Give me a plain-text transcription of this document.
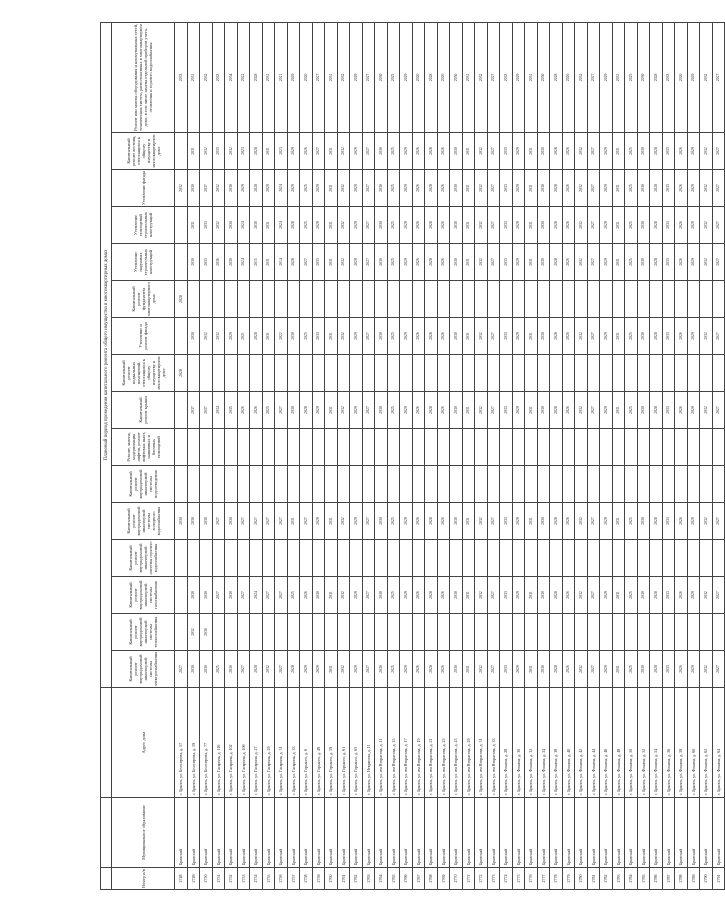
			Плановый период проведения капитального ремонта общего имущества в многоквартирных домах															
Номер п/п	Муниципальное образование	Адрес дома	Капитальный ремонт внутридомовой инженерной системы электроснабжения	Капитальный ремонт внутридомовой инженерной системы теплоснабжения	Капитальный ремонт внутридомовой инженерной системы газоснабжения	Капитальный ремонт внутридомовой инженерной системы горячего водоснабжения	Капитальный ремонт внутридомовой инженерной системы холодного водоснабжения	Капитальный ремонт внутридомовой инженерной системы водоотведения	Ремонт, замена, модернизация лифтов, ремонт лифтовых шахт, машинных и блочных помещений	Капитальный ремонт крыши	Капитальный ремонт подвальных помещений, относящихся к общему имуществу в многоквартирном доме	Утепление и ремонт фасада	Капитальный ремонт фундамента многоквартирного дома	Утепление наружных строительных конструкций	Утепление помещений строительных конструкций	Утепление фасада	Капитальный ремонт лестниц, относящихся к общему имуществу в многоквартирном доме	Ремонт или замена оборудования и коммунальных сетей, технических систем, расположенных в многоквартирном доме, в том числе замена отдельной приборов учета, отопления и горячего водоснабжения
2748	Брянский	г. Брянск, ул. Белозерова, д. 57	2027				2030				2028		2028			2032		2033
2749	Брянский	г. Брянск, ул. Белозерова, д. 59	2030	2032	2030		2030			2037		2030		2030	2031	2030	2031	2031
2750	Брянский	г. Брянск, ул. Белозерова, д. 77	2030	2030	2030		2030			2037		2032		2033	2033	2037	2032	2032
2751	Брянский	г. Брянск, ул. Гагарина, д. 116	2025		2027		2027			2034		2032		2036	2032	2032	2033	2033
2752	Брянский	г. Брянск, ул. Гагарина, д. 102	2030		2030		2030			2035		2029		2030	2030	2030	2032	2034
2753	Брянский	г. Брянск, ул. Гагарина, д. 106	2027		2027		2027			2026		2021		2024	2024	2029	2023	2022
2754	Брянский	г. Брянск, ул. Гагарина, д. 27	2028		2024		2027			2026		2028		2015	2030	2028	2028	2028
2755	Брянский	г. Брянск, ул. Гагарина, д. 29	2032		2027		2027			2025		2031		2031	2031	2029	2031	2031
2756	Брянский	г. Брянск, ул. Гагарина, д. 31	2027		2027		2027			2027		2022		2014	2024	2024	2023	2021
2757	Брянский	г. Брянск, ул. Гагарина, д. 33	2028		2025		2031			2030		2030		2028	2028	2029	2029	2029
2758	Брянский	г. Брянск, ул. Горького, д. 6	2029		2026		2027			2028		2025		2027	2025	2025	2026	2026
2759	Брянский	г. Брянск, ул. Горького, д. 49	2029		2030		2029			2029		2033		2033	2029	2029	2027	2027
2760	Брянский	г. Брянск, ул. Горького, д. 59	2031		2031		2031			2031		2031		2031	2031	2031	2031	2031
2761	Брянский	г. Брянск, ул. Горького, д. 61	2032		2032		2032			2032		2032		2032	2032	2032	2032	2032
2762	Брянский	г. Брянск, ул. Горького, д. 63	2029		2029		2029			2029		2029		2029	2029	2029	2029	2029
2763	Брянский	г. Брянск, ул. Некрасова, д. 11	2027		2027		2027			2027		2027		2027	2027	2027	2027	2027
2764	Брянский	г. Брянск, ул. им Некрасова, д. 11	2030		2030		2030			2030		2030		2030	2030	2030	2030	2030
2765	Брянский	г. Брянск, ул. им Некрасова, д. 15	2025		2025		2025			2025		2025		2025	2025	2025	2025	2025
2766	Брянский	г. Брянск, ул. им Некрасова, д. 17	2029		2029		2029			2029		2029		2029	2029	2029	2029	2029
2767	Брянский	г. Брянск, ул. им Некрасова, д. 19	2026		2026		2026			2026		2026		2026	2026	2026	2026	2026
2768	Брянский	г. Брянск, ул. им Некрасова, д. 21	2028		2028		2028			2028		2028		2028	2028	2028	2028	2028
2769	Брянский	г. Брянск, ул. им Некрасова, д. 23	2026		2026		2026			2026		2026		2026	2026	2026	2026	2026
2770	Брянский	г. Брянск, ул. им Некрасова, д. 25	2030		2030		2030			2030		2030		2030	2030	2030	2030	2030
2771	Брянский	г. Брянск, ул. им Некрасова, д. 29	2031		2031		2031			2031		2031		2031	2031	2031	2031	2031
2772	Брянский	г. Брянск, ул. им Некрасова, д. 31	2032		2032		2032			2032		2032		2032	2032	2032	2032	2032
2773	Брянский	г. Брянск, ул. им Некрасова, д. 33	2027		2027		2027			2027		2027		2027	2027	2027	2027	2027
2774	Брянский	г. Брянск, ул. Фокина, д. 28	2033		2033		2033			2033		2033		2033	2033	2033	2033	2033
2775	Брянский	г. Брянск, ул. Фокина, д. 30	2029		2029		2029			2029		2029		2029	2029	2029	2029	2029
2776	Брянский	г. Брянск, ул. Фокина, д. 32	2031		2031		2031			2031		2031		2031	2031	2031	2031	2031
2777	Брянский	г. Брянск, ул. Фокина, д. 34	2030		2030		2030			2030		2030		2030	2030	2030	2030	2030
2778	Брянский	г. Брянск, ул. Фокина, д. 38	2028		2028		2028			2028		2028		2028	2028	2028	2028	2028
2779	Брянский	г. Брянск, ул. Фокина, д. 40	2026		2026		2026			2026		2026		2026	2026	2026	2026	2026
2780	Брянский	г. Брянск, ул. Фокина, д. 42	2032		2032		2032			2032		2032		2032	2032	2032	2032	2032
2781	Брянский	г. Брянск, ул. Фокина, д. 44	2027		2027		2027			2027		2027		2027	2027	2027	2027	2027
2782	Брянский	г. Брянск, ул. Фокина, д. 46	2029		2029		2029			2029		2029		2029	2029	2029	2029	2029
2783	Брянский	г. Брянск, ул. Фокина, д. 48	2031		2031		2031			2031		2031		2031	2031	2031	2031	2031
2784	Брянский	г. Брянск, ул. Фокина, д. 50	2025		2025		2025			2025		2025		2025	2025	2025	2025	2025
2785	Брянский	г. Брянск, ул. Фокина, д. 52	2030		2030		2030			2030		2030		2030	2030	2030	2030	2030
2786	Брянский	г. Брянск, ул. Фокина, д. 54	2028		2028		2028			2028		2028		2028	2028	2028	2028	2028
2787	Брянский	г. Брянск, ул. Фокина, д. 56	2033		2033		2033			2033		2033		2033	2033	2033	2033	2033
2788	Брянский	г. Брянск, ул. Фокина, д. 58	2026		2026		2026			2026		2026		2026	2026	2026	2026	2026
2789	Брянский	г. Брянск, ул. Фокина, д. 60	2029		2029		2029			2029		2029		2029	2029	2029	2029	2029
2790	Брянский	г. Брянск, ул. Фокина, д. 62	2032		2032		2032			2032		2032		2032	2032	2032	2032	2032
2791	Брянский	г. Брянск, ул. Фокина, д. 64	2027		2027		2027			2027		2027		2027	2027	2027	2027	2027
